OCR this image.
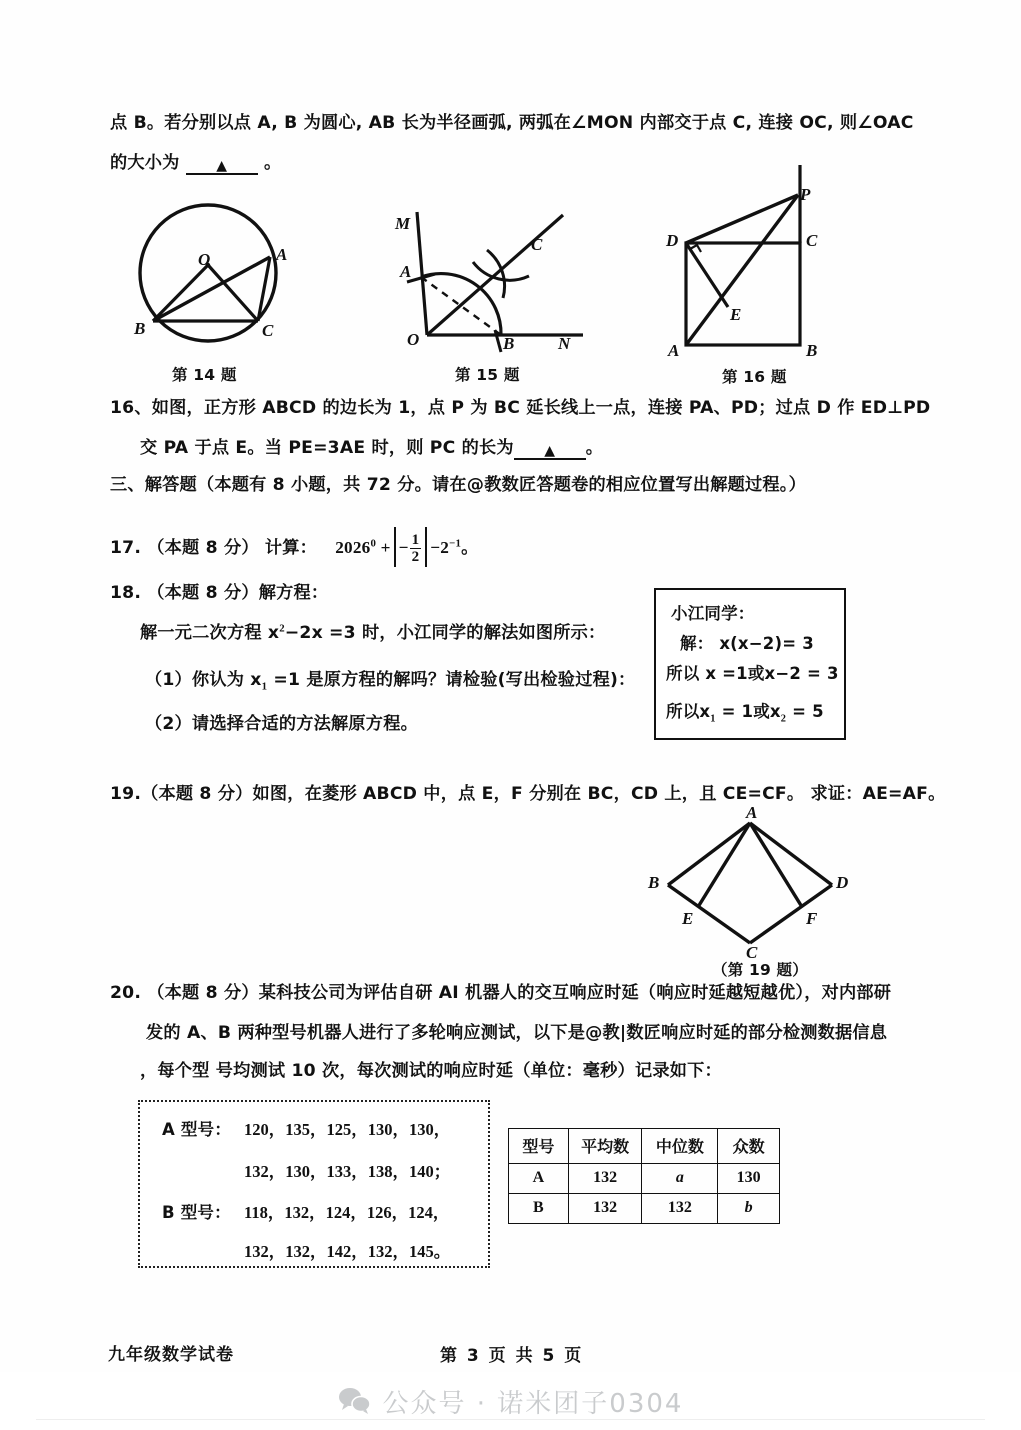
点 B。若分别以点 A, B 为圆心, AB 长为半径画弧, 两弧在∠MON 内部交于点 C, 连接 OC, 则∠OAC
的大小为	▲ 。
O	A
B	C
第 14 题
M
A
O	B	N
C
第 15 题
P
D	C
E
A	B
第 16 题
16、如图，正方形 ABCD 的边长为 1，点 P 为 BC 延长线上一点，连接 PA、PD；过点 D 作 ED⊥PD
交 PA 于点 E。当 PE=3AE 时，则 PC 的长为 ▲ 。
三、解答题（本题有 8 小题，共 72 分。请在@教数匠答题卷的相应位置写出解题过程。）
17. （本题 8 分） 计算： $2026^0$ + − $\frac{1}{2} -2^{-1}$。
18. （本题 8 分）解方程：
解一元二次方程 $x^2-2x =3$ 时，小江同学的解法如图所示：
（1）你认为 $x_1 =1$ 是原方程的解吗？请检验(写出检验过程)：
（2）请选择合适的方法解原方程。
小江同学：
解： x(x−2)= 3
所以 x =1或x−2 = 3
所以$x_1 = 1$或$x_2 = 5$
19.（本题 8 分）如图，在菱形 ABCD 中，点 E，F 分别在 BC，CD 上，且 CE=CF。 求证：AE=AF。
A
B	D
E	F
C
（第 19 题）
20. （本题 8 分）某科技公司为评估自研 AI 机器人的交互响应时延（响应时延越短越优），对内部研
发的 A、B 两种型号机器人进行了多轮响应测试，以下是@教|数匠响应时延的部分检测数据信息
，每个型 号均测试 10 次，每次测试的响应时延（单位：毫秒）记录如下：
A 型号： 120，135，125，130，130，
132，130，133，138，140；
B 型号： 118，132，124，126，124，
132，132，142，132，145。
型号	平均数	中位数	众数
A	132	a	130
B	132	132	b
九年级数学试卷	第 3 页 共 5 页
公众号 · 诺米团子0304
